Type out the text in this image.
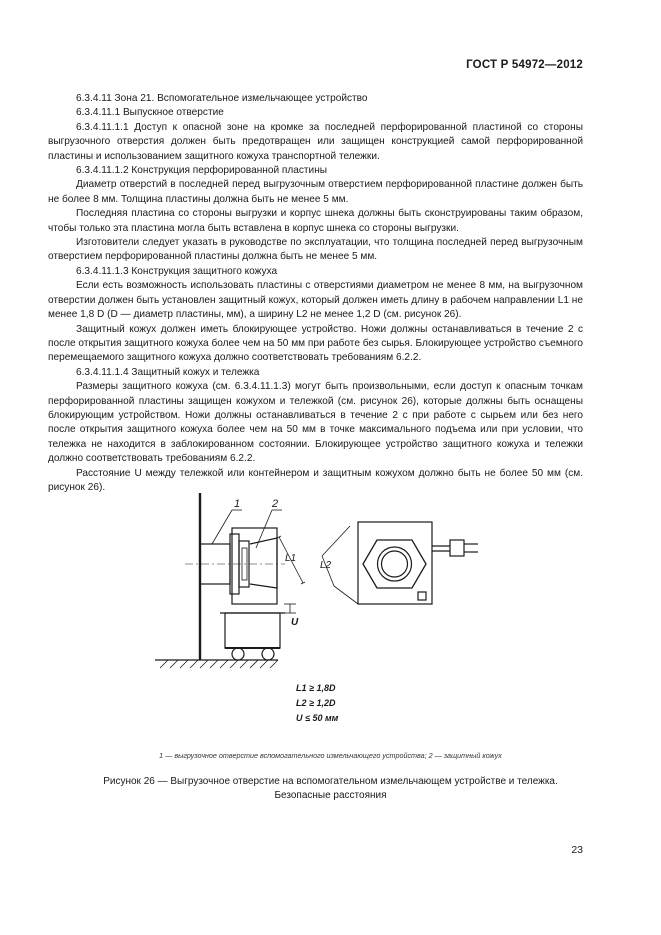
ГОСТ Р 54972—2012

6.3.4.11 Зона 21. Вспомогательное измельчающее устройство

6.3.4.11.1 Выпускное отверстие

6.3.4.11.1.1 Доступ к опасной зоне на кромке за последней перфорированной пластиной со стороны выгрузочного отверстия должен быть предотвращен или защищен конструкцией самой перфорированной пластины и использованием защитного кожуха транспортной тележки.

6.3.4.11.1.2 Конструкция перфорированной пластины

Диаметр отверстий в последней перед выгрузочным отверстием перфорированной пластине должен быть не более 8 мм. Толщина пластины должна быть не менее 5 мм.

Последняя пластина со стороны выгрузки и корпус шнека должны быть сконструированы таким образом, чтобы только эта пластина могла быть вставлена в корпус шнека со стороны выгрузки.

Изготовители следует указать в руководстве по эксплуатации, что толщина последней перед выгрузочным отверстием перфорированной пластины должна быть не менее 5 мм.

6.3.4.11.1.3 Конструкция защитного кожуха

Если есть возможность использовать пластины с отверстиями диаметром не менее 8 мм, на выгрузочном отверстии должен быть установлен защитный кожух, который должен иметь длину в рабочем направлении L1 не менее 1,8 D (D — диаметр пластины, мм), а ширину L2 не менее 1,2 D (см. рисунок 26).

Защитный кожух должен иметь блокирующее устройство. Ножи должны останавливаться в течение 2 с после открытия защитного кожуха более чем на 50 мм при работе без сырья. Блокирующее устройство съемного перемещаемого защитного кожуха должно соответствовать требованиям 6.2.2.

6.3.4.11.1.4 Защитный кожух и тележка

Размеры защитного кожуха (см. 6.3.4.11.1.3) могут быть произвольными, если доступ к опасным точкам перфорированной пластины защищен кожухом и тележкой (см. рисунок 26), которые должны быть оснащены блокирующим устройством. Ножи должны останавливаться в течение 2 с при работе с сырьем или без него после открытия защитного кожуха более чем на 50 мм в точке максимального подъема или при условии, что тележка не находится в заблокированном состоянии. Блокирующее устройство защитного кожуха и тележки должно соответствовать требованиям 6.2.2.

Расстояние U между тележкой или контейнером и защитным кожухом должно быть не более 50 мм (см. рисунок 26).

U
L1
1	2
L2
L1 ≥ 1,8D
L2 ≥ 1,2D
U ≤ 50 мм
1 — выгрузочное отверстие вспомогательного измельчающего устройства; 2 — защитный кожух
Рисунок 26 — Выгрузочное отверстие на вспомогательном измельчающем устройстве и тележка.
Безопасные расстояния
23
